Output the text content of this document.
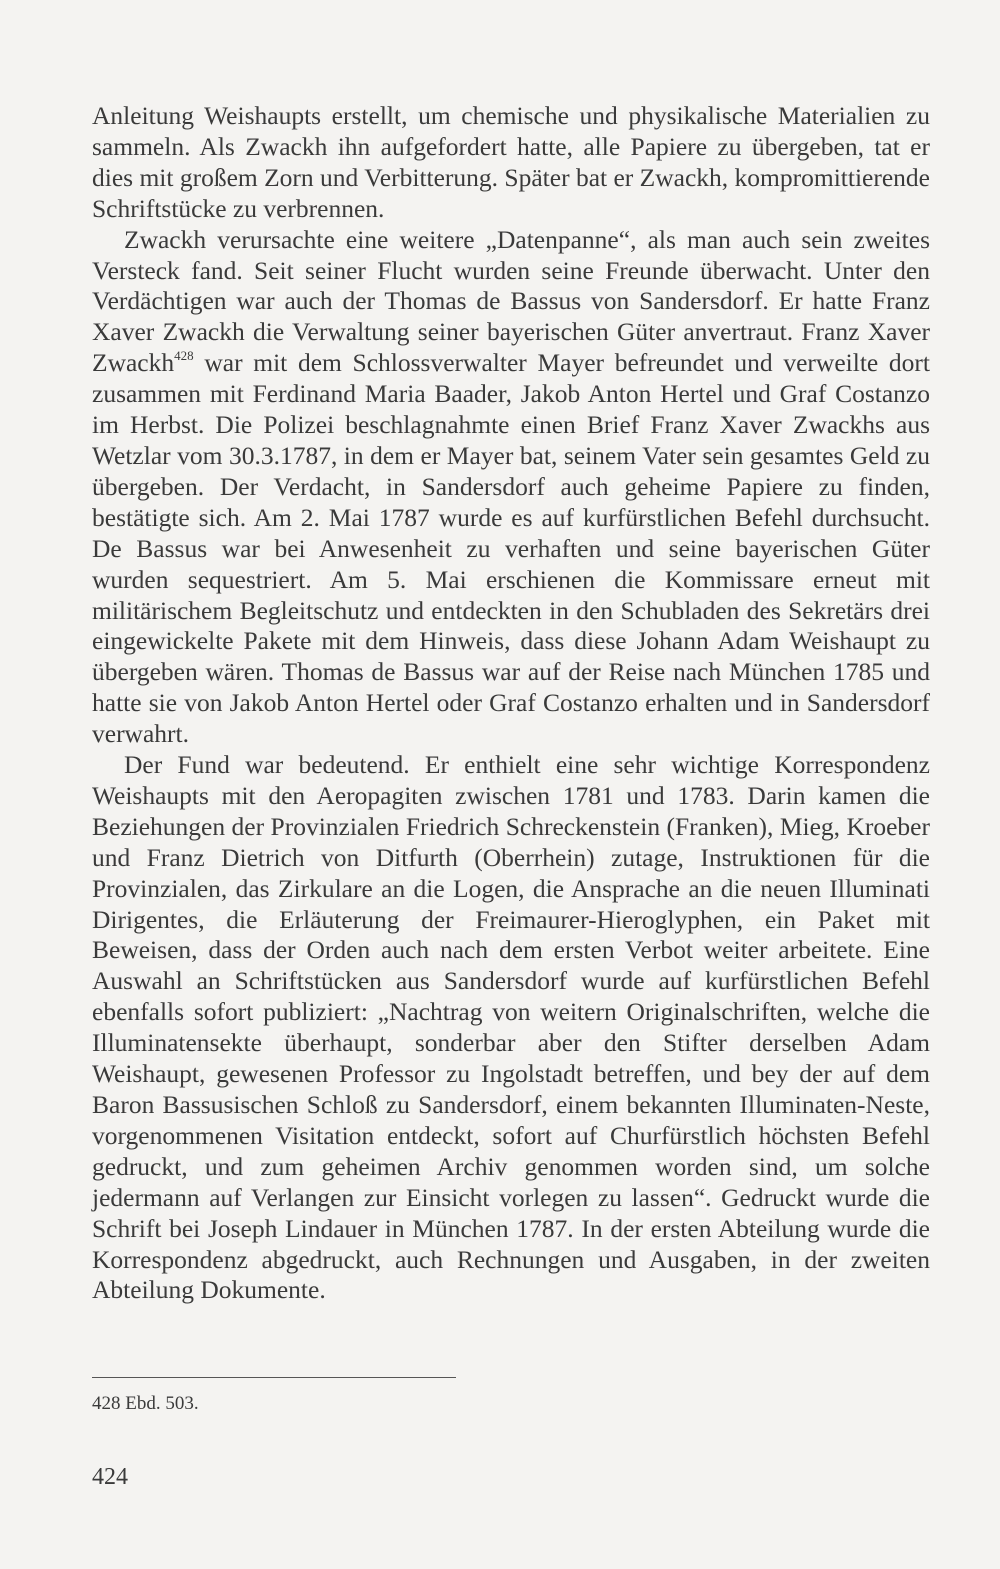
Anleitung Weishaupts erstellt, um chemische und physikalische Materialien zu sammeln. Als Zwackh ihn aufgefordert hatte, alle Papiere zu übergeben, tat er dies mit großem Zorn und Verbitterung. Später bat er Zwackh, kompromittierende Schriftstücke zu verbrennen.

Zwackh verursachte eine weitere „Datenpanne“, als man auch sein zweites Versteck fand. Seit seiner Flucht wurden seine Freunde überwacht. Unter den Verdächtigen war auch der Thomas de Bassus von Sandersdorf. Er hatte Franz Xaver Zwackh die Verwaltung seiner bayerischen Güter anvertraut. Franz Xaver Zwackh$^{428}$ war mit dem Schlossverwalter Mayer befreundet und verweilte dort zusammen mit Ferdinand Maria Baader, Jakob Anton Hertel und Graf Costanzo im Herbst. Die Polizei beschlagnahmte einen Brief Franz Xaver Zwackhs aus Wetzlar vom 30.3.1787, in dem er Mayer bat, seinem Vater sein gesamtes Geld zu übergeben. Der Verdacht, in Sandersdorf auch geheime Papiere zu finden, bestätigte sich. Am 2. Mai 1787 wurde es auf kurfürstlichen Befehl durchsucht. De Bassus war bei Anwesenheit zu verhaften und seine bayerischen Güter wurden sequestriert. Am 5. Mai erschienen die Kommissare erneut mit militärischem Begleitschutz und entdeckten in den Schubladen des Sekretärs drei eingewickelte Pakete mit dem Hinweis, dass diese Johann Adam Weishaupt zu übergeben wären. Thomas de Bassus war auf der Reise nach München 1785 und hatte sie von Jakob Anton Hertel oder Graf Costanzo erhalten und in Sandersdorf verwahrt.

Der Fund war bedeutend. Er enthielt eine sehr wichtige Korrespondenz Weishaupts mit den Aeropagiten zwischen 1781 und 1783. Darin kamen die Beziehungen der Provinzialen Friedrich Schreckenstein (Franken), Mieg, Kroeber und Franz Dietrich von Ditfurth (Oberrhein) zutage, Instruktionen für die Provinzialen, das Zirkulare an die Logen, die Ansprache an die neuen Illuminati Dirigentes, die Erläuterung der Freimaurer-Hieroglyphen, ein Paket mit Beweisen, dass der Orden auch nach dem ersten Verbot weiter arbeitete. Eine Auswahl an Schriftstücken aus Sandersdorf wurde auf kurfürstlichen Befehl ebenfalls sofort publiziert: „Nachtrag von weitern Originalschriften, welche die Illuminatensekte überhaupt, sonderbar aber den Stifter derselben Adam Weishaupt, gewesenen Professor zu Ingolstadt betreffen, und bey der auf dem Baron Bassusischen Schloß zu Sandersdorf, einem bekannten Illuminaten-Neste, vorgenommenen Visitation entdeckt, sofort auf Churfürstlich höchsten Befehl gedruckt, und zum geheimen Archiv genommen worden sind, um solche jedermann auf Verlangen zur Einsicht vorlegen zu lassen“. Gedruckt wurde die Schrift bei Joseph Lindauer in München 1787. In der ersten Abteilung wurde die Korrespondenz abgedruckt, auch Rechnungen und Ausgaben, in der zweiten Abteilung Dokumente.

428 Ebd. 503.
424
